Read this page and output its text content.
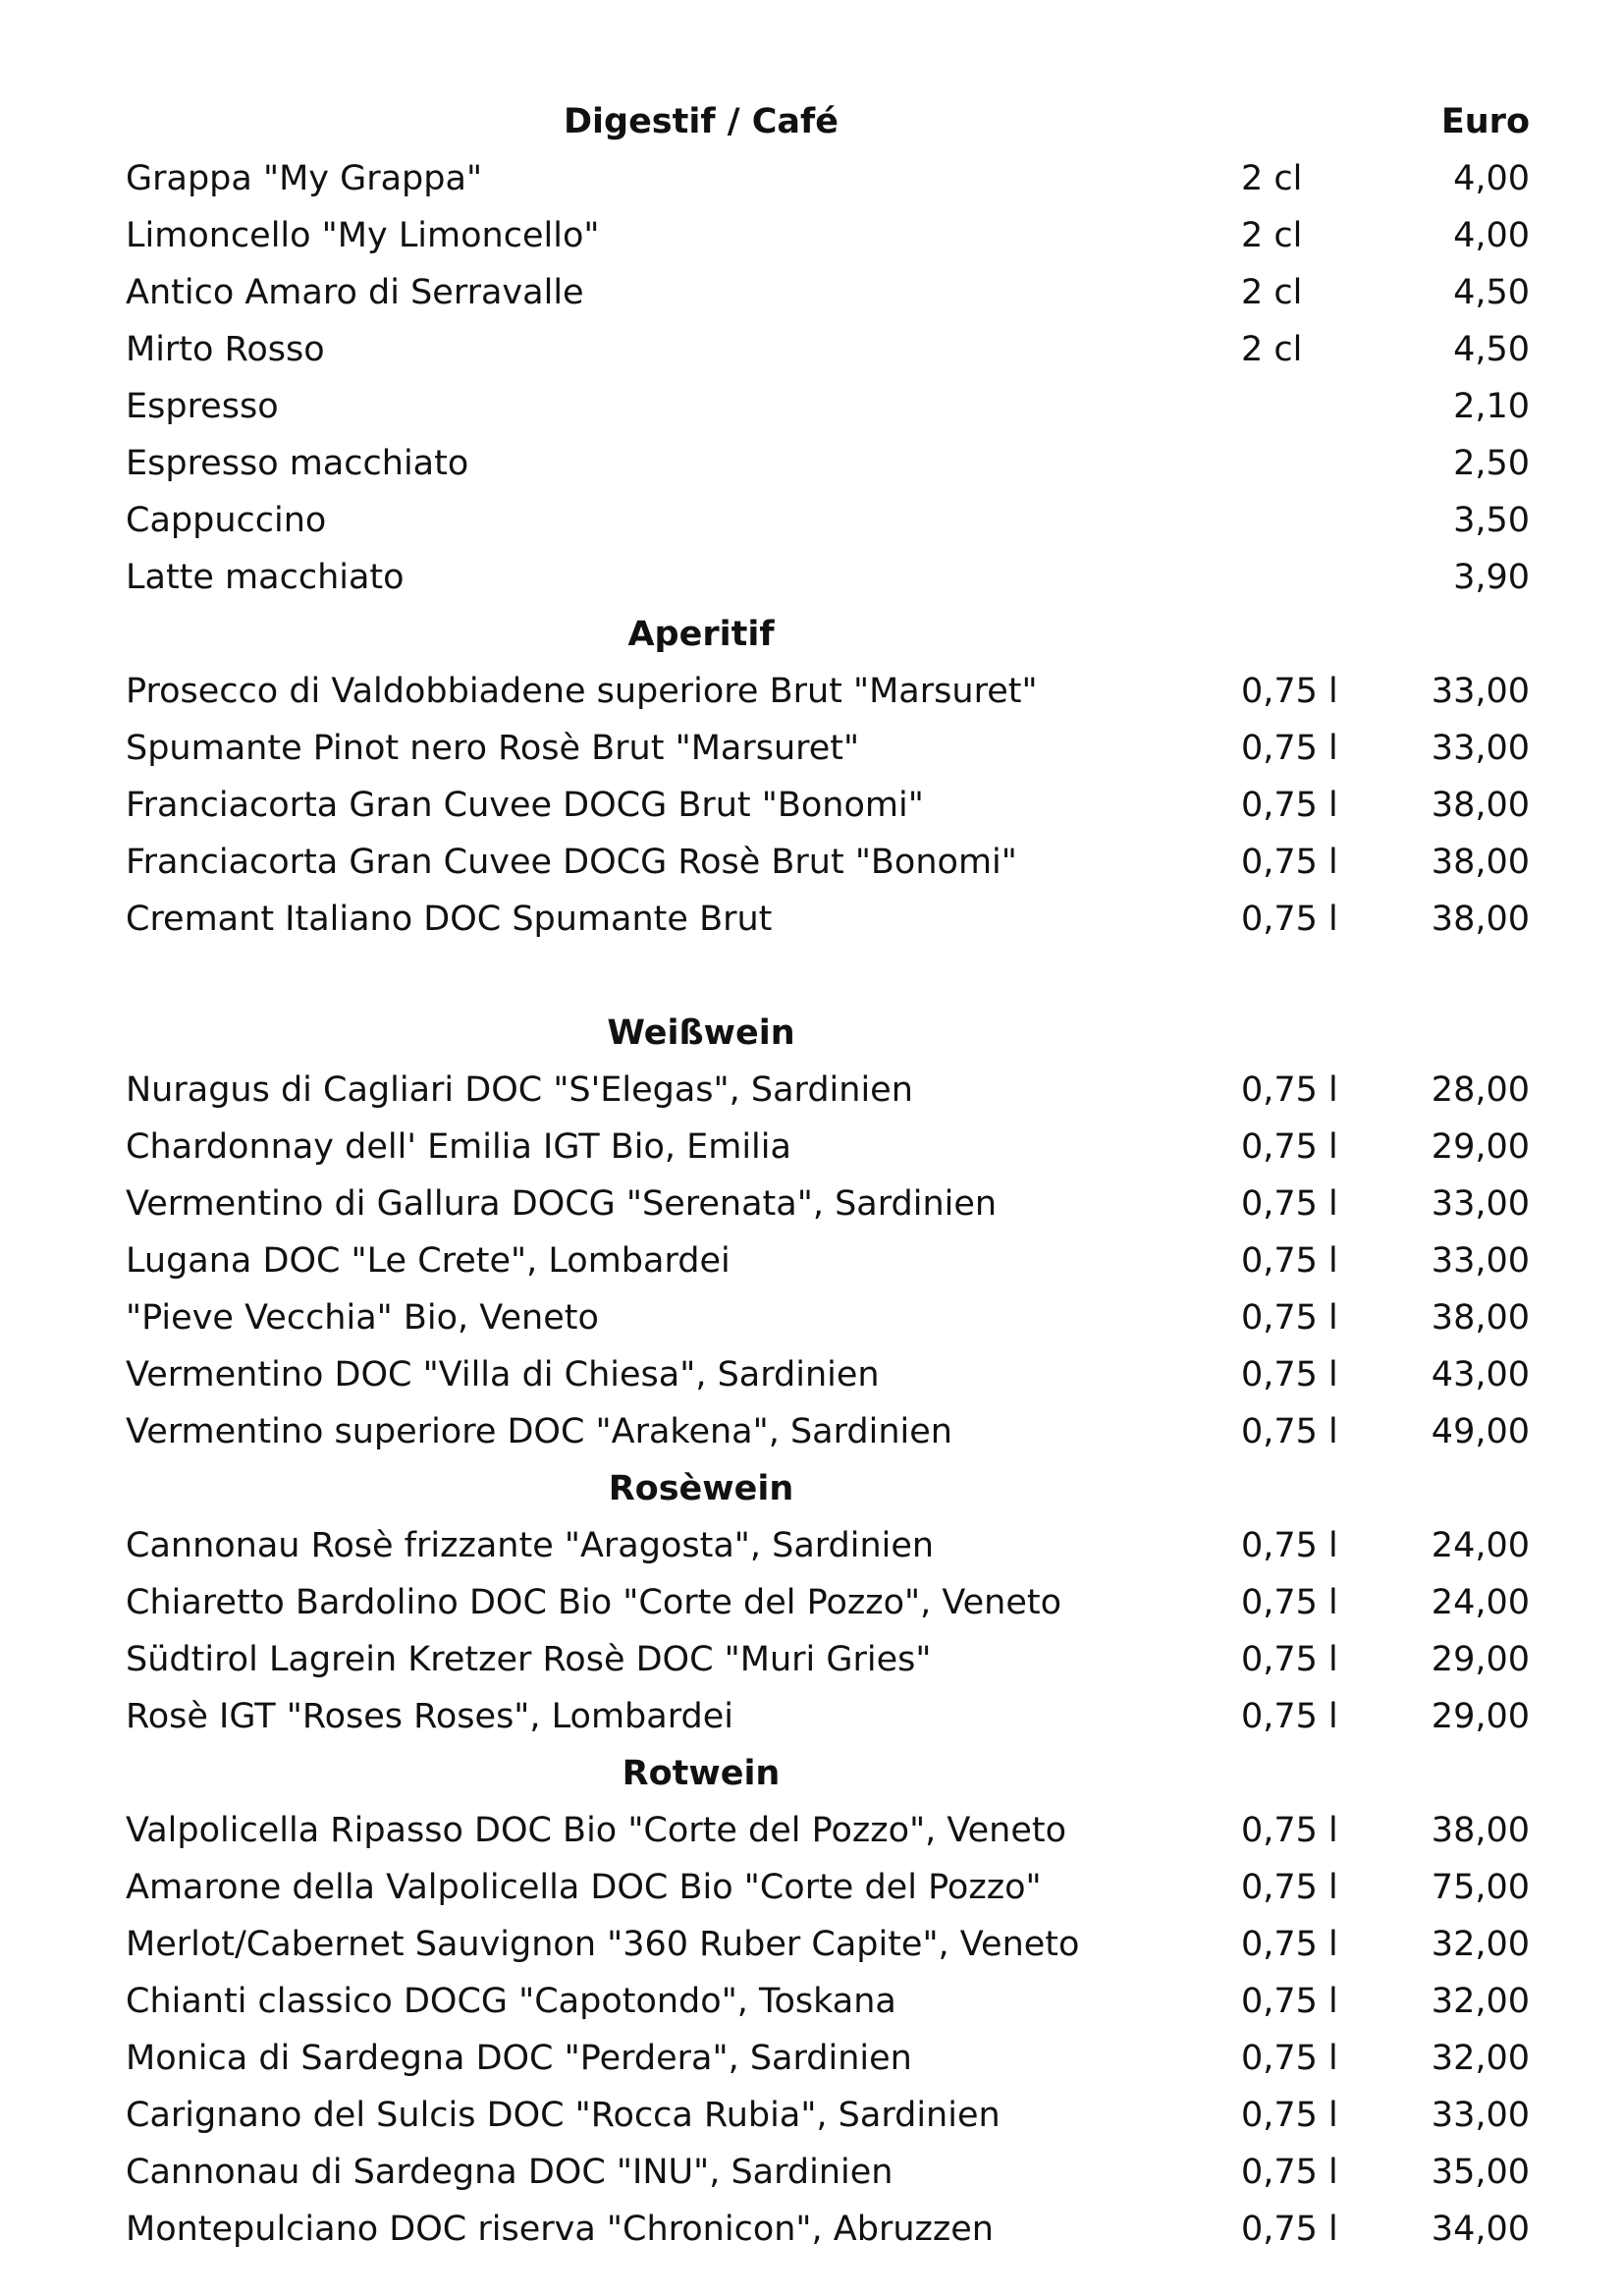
Euro
Digestif / Café
Grappa "My Grappa"	2 cl	4,00
Limoncello "My Limoncello"	2 cl	4,00
Antico Amaro di Serravalle	2 cl	4,50
Mirto Rosso	2 cl	4,50
Espresso	2,10
Espresso macchiato	2,50
Cappuccino	3,50
Latte macchiato	3,90
Aperitif
Prosecco di Valdobbiadene superiore Brut "Marsuret"	0,75 l	33,00
Spumante Pinot nero Rosè Brut "Marsuret"	0,75 l	33,00
Franciacorta Gran Cuvee DOCG Brut "Bonomi"	0,75 l	38,00
Franciacorta Gran Cuvee DOCG Rosè Brut "Bonomi"	0,75 l	38,00
Cremant Italiano DOC Spumante Brut	0,75 l	38,00
Weißwein
Nuragus di Cagliari DOC "S'Elegas", Sardinien	0,75 l	28,00
Chardonnay dell' Emilia IGT Bio, Emilia	0,75 l	29,00
Vermentino di Gallura DOCG "Serenata", Sardinien	0,75 l	33,00
Lugana DOC "Le Crete", Lombardei	0,75 l	33,00
"Pieve Vecchia" Bio, Veneto	0,75 l	38,00
Vermentino DOC "Villa di Chiesa", Sardinien	0,75 l	43,00
Vermentino superiore DOC "Arakena", Sardinien	0,75 l	49,00
Rosèwein
Cannonau Rosè frizzante "Aragosta", Sardinien	0,75 l	24,00
Chiaretto Bardolino DOC Bio "Corte del Pozzo", Veneto	0,75 l	24,00
Südtirol Lagrein Kretzer Rosè DOC "Muri Gries"	0,75 l	29,00
Rosè IGT "Roses Roses", Lombardei	0,75 l	29,00
Rotwein
Valpolicella Ripasso DOC Bio "Corte del Pozzo", Veneto	0,75 l	38,00
Amarone della Valpolicella DOC Bio "Corte del Pozzo"	0,75 l	75,00
Merlot/Cabernet Sauvignon "360 Ruber Capite", Veneto	0,75 l	32,00
Chianti classico DOCG "Capotondo", Toskana	0,75 l	32,00
Monica di Sardegna DOC "Perdera", Sardinien	0,75 l	32,00
Carignano del Sulcis DOC "Rocca Rubia", Sardinien	0,75 l	33,00
Cannonau di Sardegna DOC "INU", Sardinien	0,75 l	35,00
Montepulciano DOC riserva "Chronicon", Abruzzen	0,75 l	34,00
